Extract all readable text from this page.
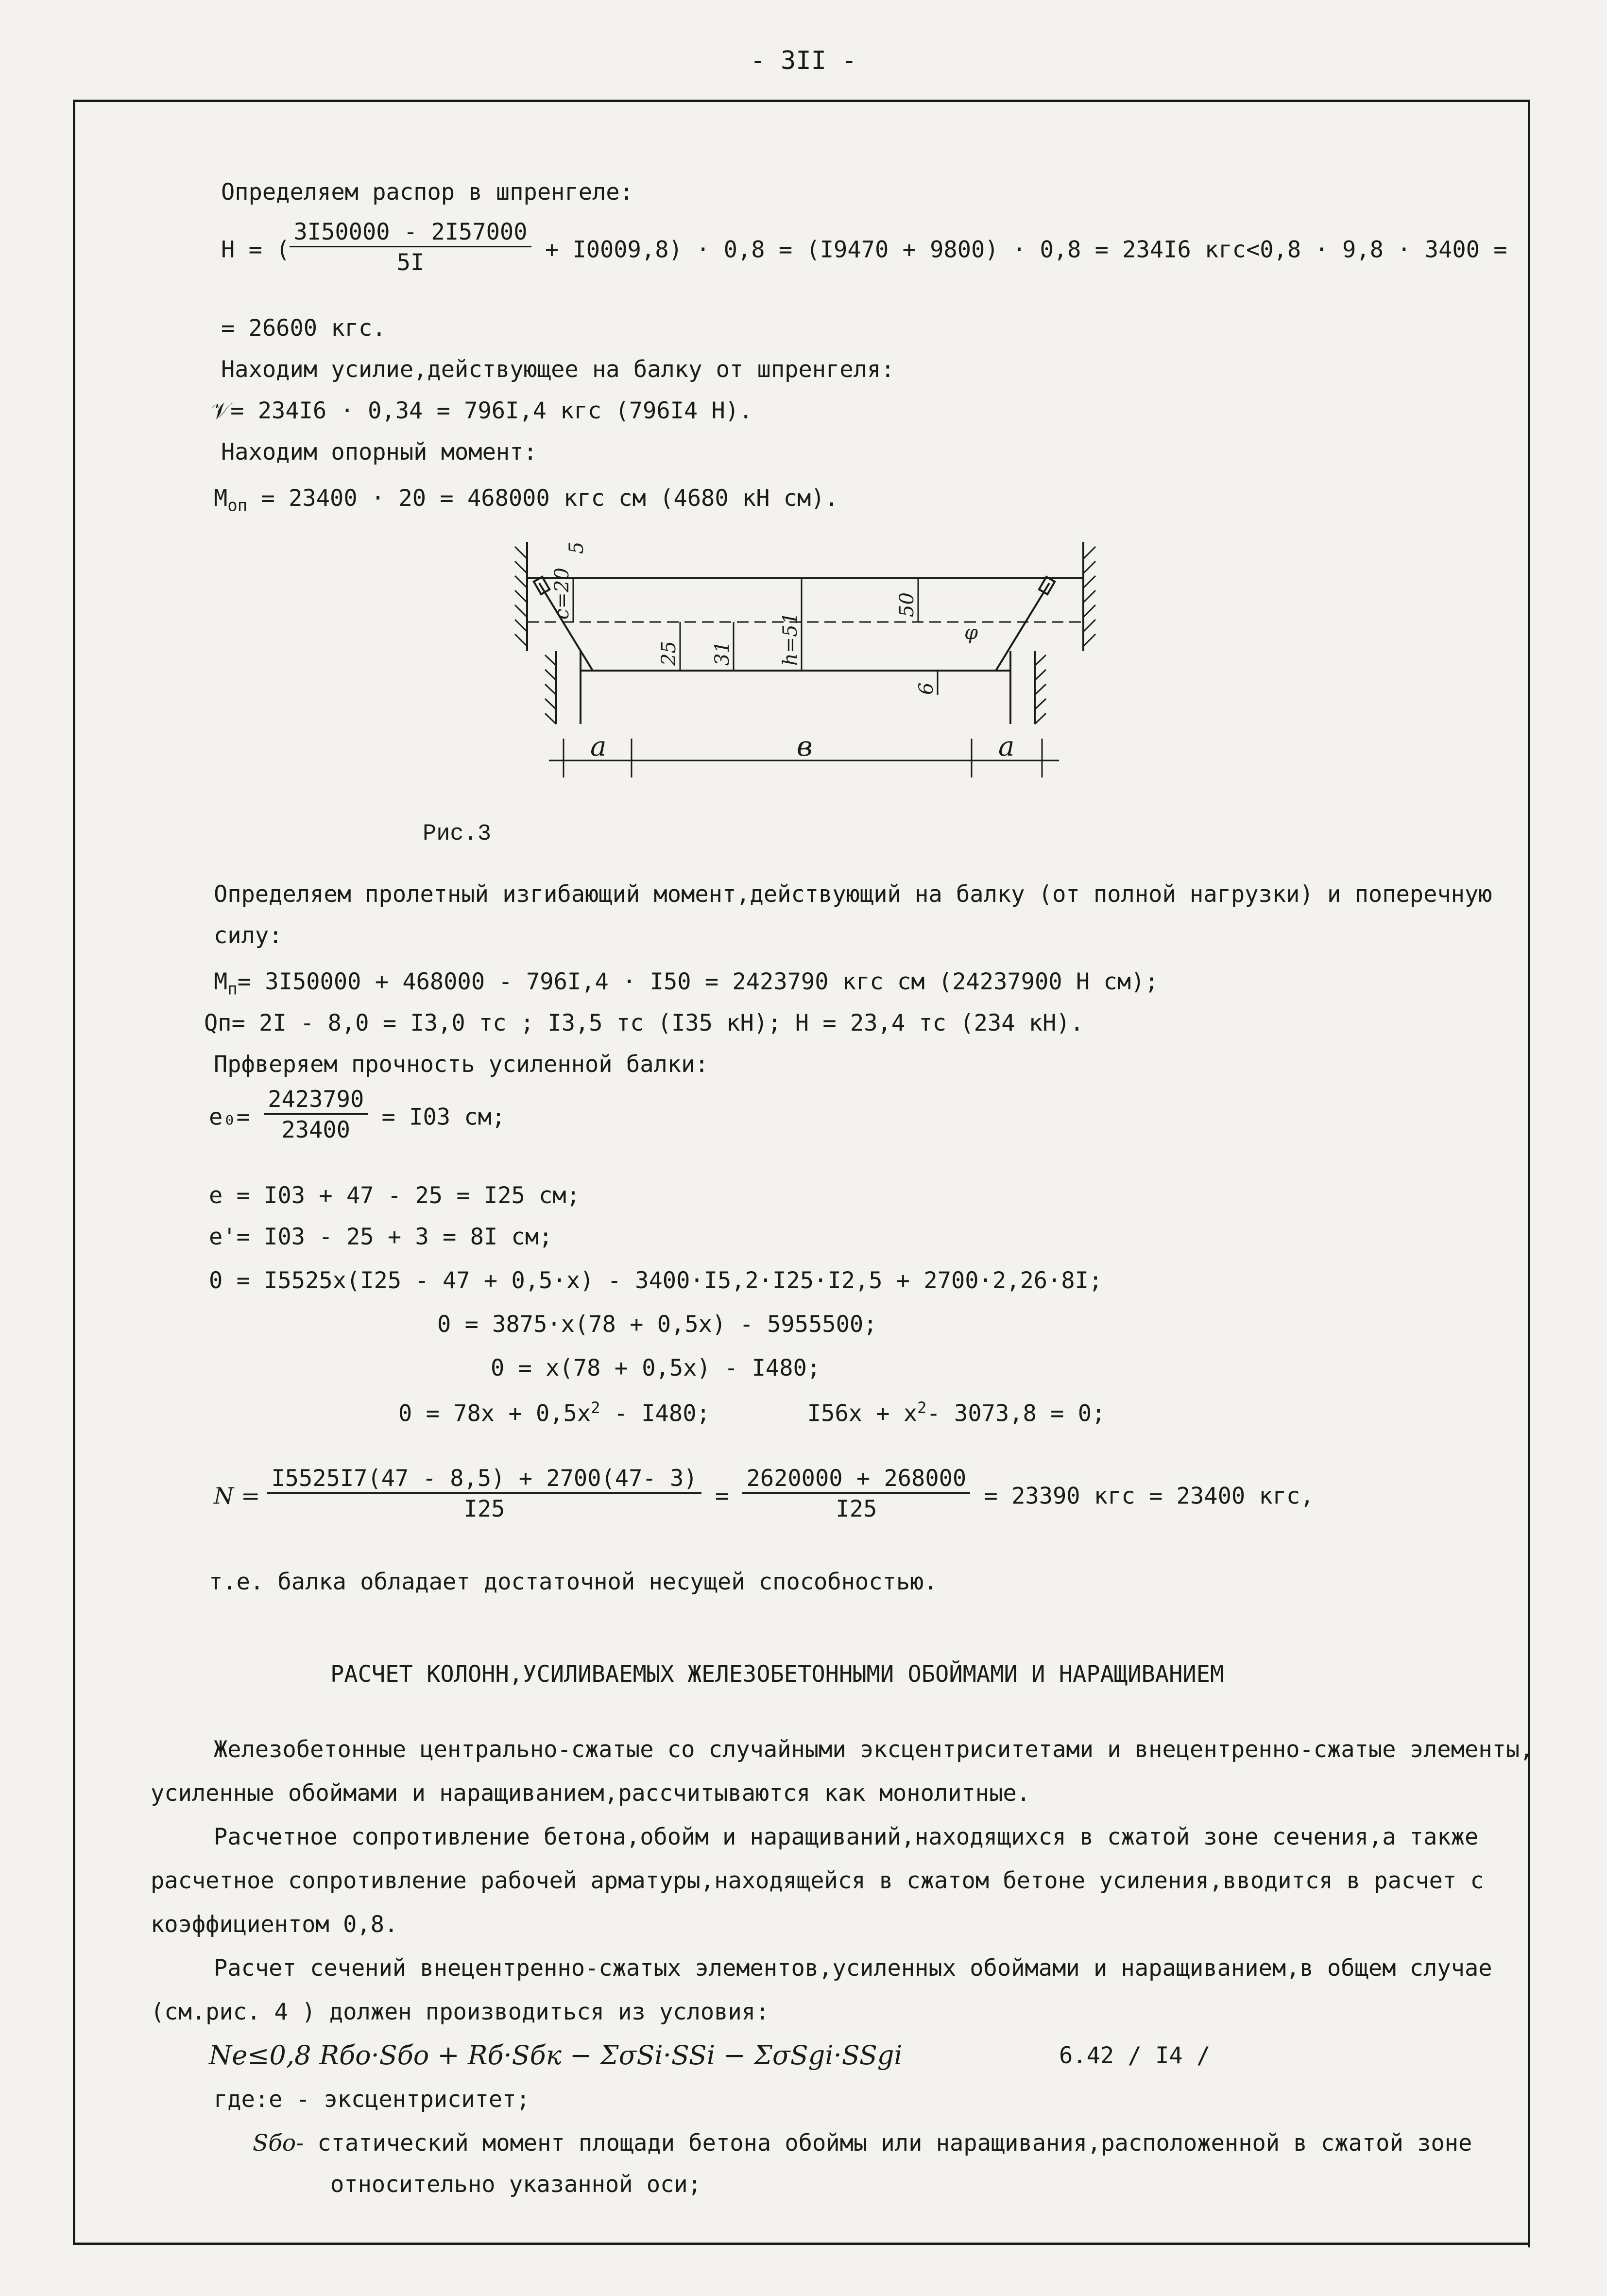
- 3II -
Определяем распор в шпренгеле:
H = ( $\frac{3I50000 - 2I57000}{5I} + I0009,8) \cdot 0,8 = (I9470 + 9800) \cdot 0,8 = 234I6$ кгс<0,8 · 9,8 · 3400 =
= 26600 кгс.
Находим усилие,действующее на балку от шпренгеля:
𝒱= 234I6 · 0,34 = 796I,4 кгс (796I4 Н).
Находим опорный момент:
$M_{оп} = 23400 \cdot 20 = 468000$ кгс см (4680 кН см).
5
c=20
25 31 h=51
50
φ
6
a	в	a
Рис.3
Определяем пролетный изгибающий момент,действующий на балку (от полной нагрузки) и поперечную
силу:
$M_п= 3I50000 + 468000 - 796I,4 \cdot I50 = 2423790$ кгс см (24237900 Н см);
Qп= 2I - 8,0 = I3,0 тс ; I3,5 тс (I35 кН); H = 23,4 тс (234 кН).
Прфверяем прочность усиленной балки:
$e_0= \frac{2423790}{23400} = I03$ см;
e = I03 + 47 - 25 = I25 см;
e'= I03 - 25 + 3 = 8I см;
0 = I5525x(I25 - 47 + 0,5·x) - 3400·I5,2·I25·I2,5 + 2700·2,26·8I;
0 = 3875·x(78 + 0,5x) - 5955500;
0 = x(78 + 0,5x) - I480;
$0 = 78x + 0,5x^2 - I480$;	$I56x + x^2-$ 3073,8 = 0;
$N = \frac{I5525I7(47 - 8,5) + 2700(47- 3)}{I25} = \frac{2620000 + 268000}{I25} = 23390$ кгс = 23400 кгс,
т.е. балка обладает достаточной несущей способностью.
РАСЧЕТ КОЛОНН,УСИЛИВАЕМЫХ ЖЕЛЕЗОБЕТОННЫМИ ОБОЙМАМИ И НАРАЩИВАНИЕМ
Железобетонные центрально-сжатые со случайными эксцентриситетами и внецентренно-сжатые элементы,
усиленные обоймами и наращиванием,рассчитываются как монолитные.
Расчетное сопротивление бетона,обойм и наращиваний,находящихся в сжатой зоне сечения,а также
расчетное сопротивление рабочей арматуры,находящейся в сжатом бетоне усиления,вводится в расчет с
коэффициентом 0,8.
Расчет сечений внецентренно-сжатых элементов,усиленных обоймами и наращиванием,в общем случае
(см.рис. 4 ) должен производиться из условия:
Ne≤0,8 Rбо·Sбо + Rб·Sбк − ΣσSi·SSi − ΣσSgi·SSgi	6.42 / I4 /
где:е - эксцентриситет;
Sбо- статический момент площади бетона обоймы или наращивания,расположенной в сжатой зоне
относительно указанной оси;
